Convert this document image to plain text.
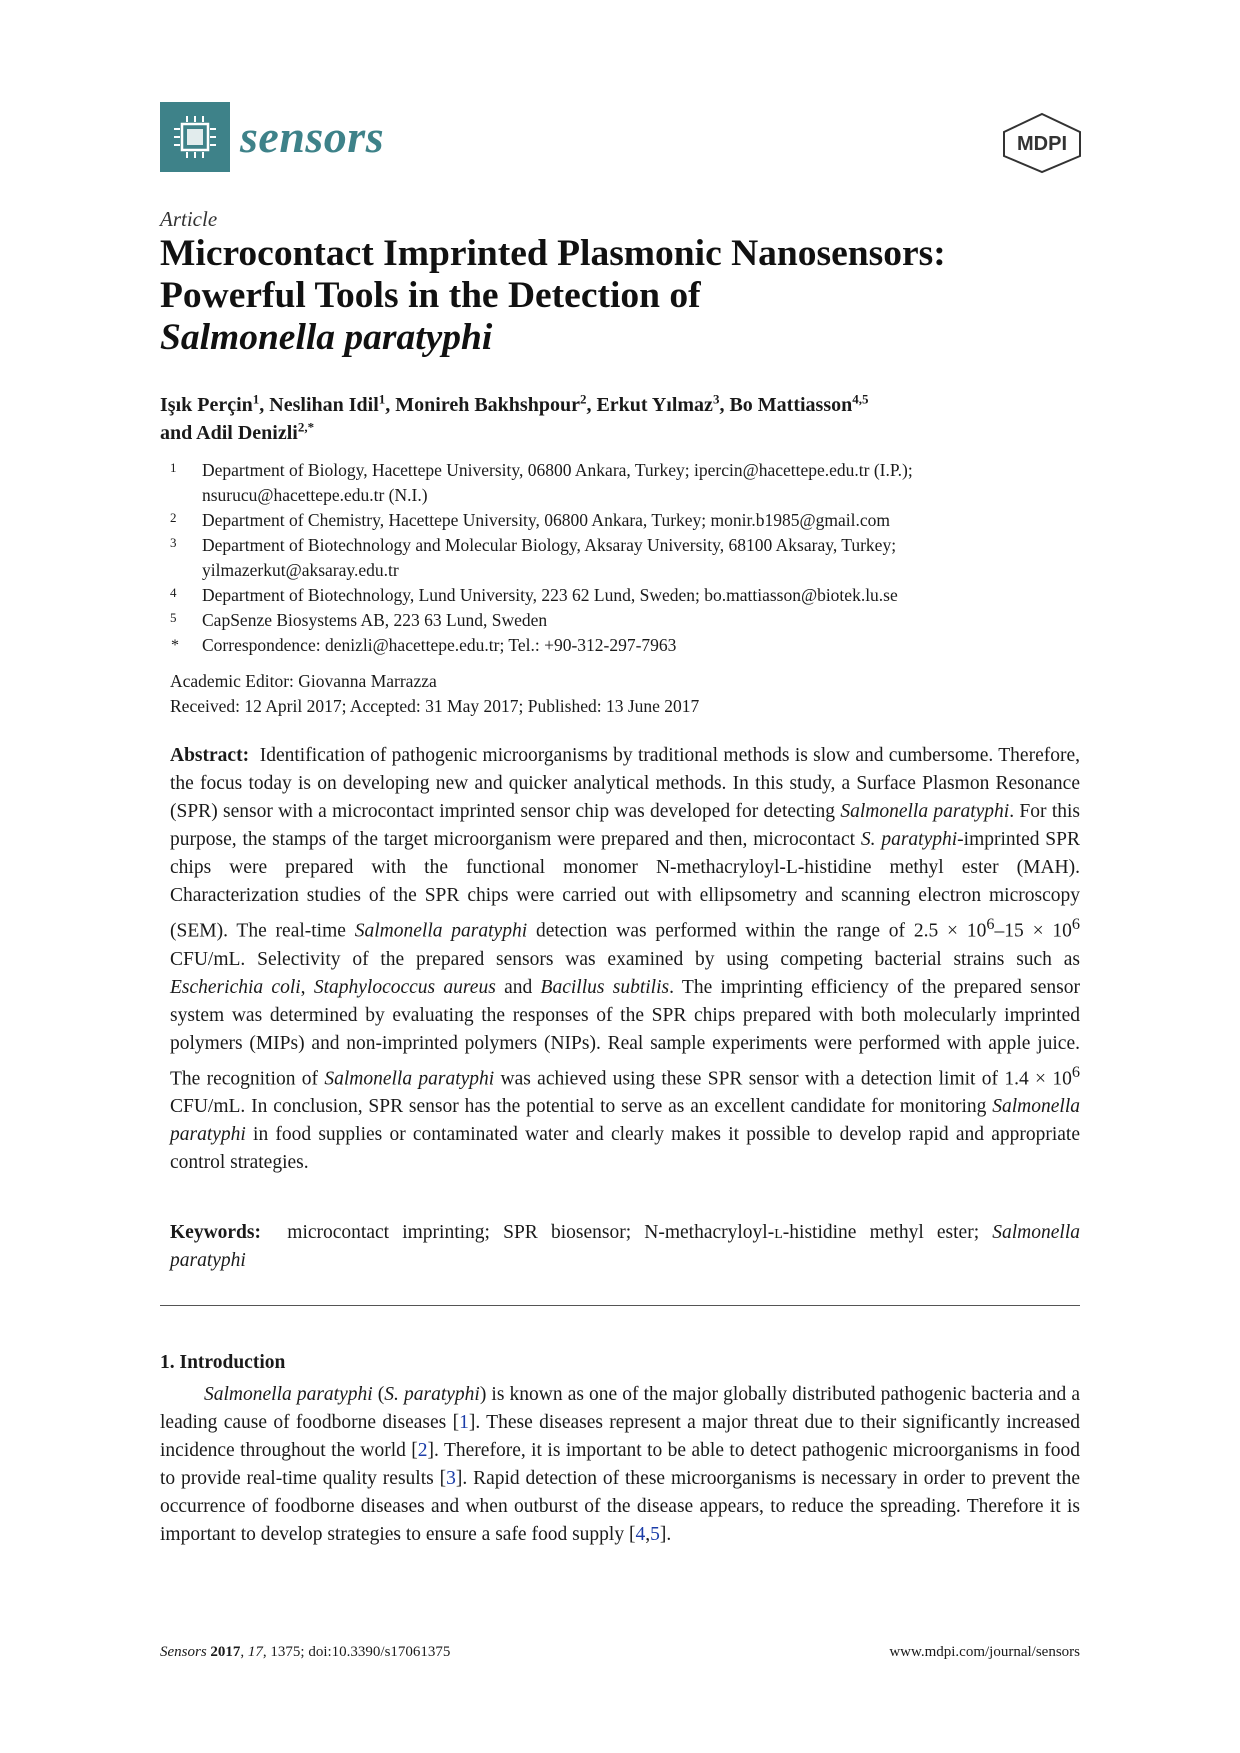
sensors	MDPI
Article
Microcontact Imprinted Plasmonic Nanosensors:
Powerful Tools in the Detection of
Salmonella paratyphi
Işık Perçin$^1$, Neslihan Idil$^1$, Monireh Bakhshpour$^2$, Erkut Yılmaz$^3$, Bo Mattiasson$^{4,5}$
and Adil Denizli$^{2,*}$
1 Department of Biology, Hacettepe University, 06800 Ankara, Turkey; ipercin@hacettepe.edu.tr (I.P.); nsurucu@hacettepe.edu.tr (N.I.)
2 Department of Chemistry, Hacettepe University, 06800 Ankara, Turkey; monir.b1985@gmail.com
3 Department of Biotechnology and Molecular Biology, Aksaray University, 68100 Aksaray, Turkey; yilmazerkut@aksaray.edu.tr
4 Department of Biotechnology, Lund University, 223 62 Lund, Sweden; bo.mattiasson@biotek.lu.se
5 CapSenze Biosystems AB, 223 63 Lund, Sweden
* Correspondence: denizli@hacettepe.edu.tr; Tel.: +90-312-297-7963
Academic Editor: Giovanna Marrazza
Received: 12 April 2017; Accepted: 31 May 2017; Published: 13 June 2017
Abstract: Identification of pathogenic microorganisms by traditional methods is slow and cumbersome. Therefore, the focus today is on developing new and quicker analytical methods. In this study, a Surface Plasmon Resonance (SPR) sensor with a microcontact imprinted sensor chip was developed for detecting Salmonella paratyphi. For this purpose, the stamps of the target microorganism were prepared and then, microcontact S. paratyphi-imprinted SPR chips were prepared with the functional monomer N-methacryloyl-L-histidine methyl ester (MAH). Characterization studies of the SPR chips were carried out with ellipsometry and scanning electron microscopy (SEM). The real-time Salmonella paratyphi detection was performed within the range of $2.5 \times 10^6-15 \times 10^6$ CFU/mL. Selectivity of the prepared sensors was examined by using competing bacterial strains such as Escherichia coli, Staphylococcus aureus and Bacillus subtilis. The imprinting efficiency of the prepared sensor system was determined by evaluating the responses of the SPR chips prepared with both molecularly imprinted polymers (MIPs) and non-imprinted polymers (NIPs). Real sample experiments were performed with apple juice. The recognition of Salmonella paratyphi was achieved using these SPR sensor with a detection limit of $1.4 \times 10^6$ CFU/mL. In conclusion, SPR sensor has the potential to serve as an excellent candidate for monitoring Salmonella paratyphi in food supplies or contaminated water and clearly makes it possible to develop rapid and appropriate control strategies.
Keywords: microcontact imprinting; SPR biosensor; N-methacryloyl-l-histidine methyl ester; Salmonella paratyphi
1. Introduction
Salmonella paratyphi (S. paratyphi) is known as one of the major globally distributed pathogenic bacteria and a leading cause of foodborne diseases [1]. These diseases represent a major threat due to their significantly increased incidence throughout the world [2]. Therefore, it is important to be able to detect pathogenic microorganisms in food to provide real-time quality results [3]. Rapid detection of these microorganisms is necessary in order to prevent the occurrence of foodborne diseases and when outburst of the disease appears, to reduce the spreading. Therefore it is important to develop strategies to ensure a safe food supply [4,5].
Sensors 2017, 17, 1375; doi:10.3390/s17061375	www.mdpi.com/journal/sensors
